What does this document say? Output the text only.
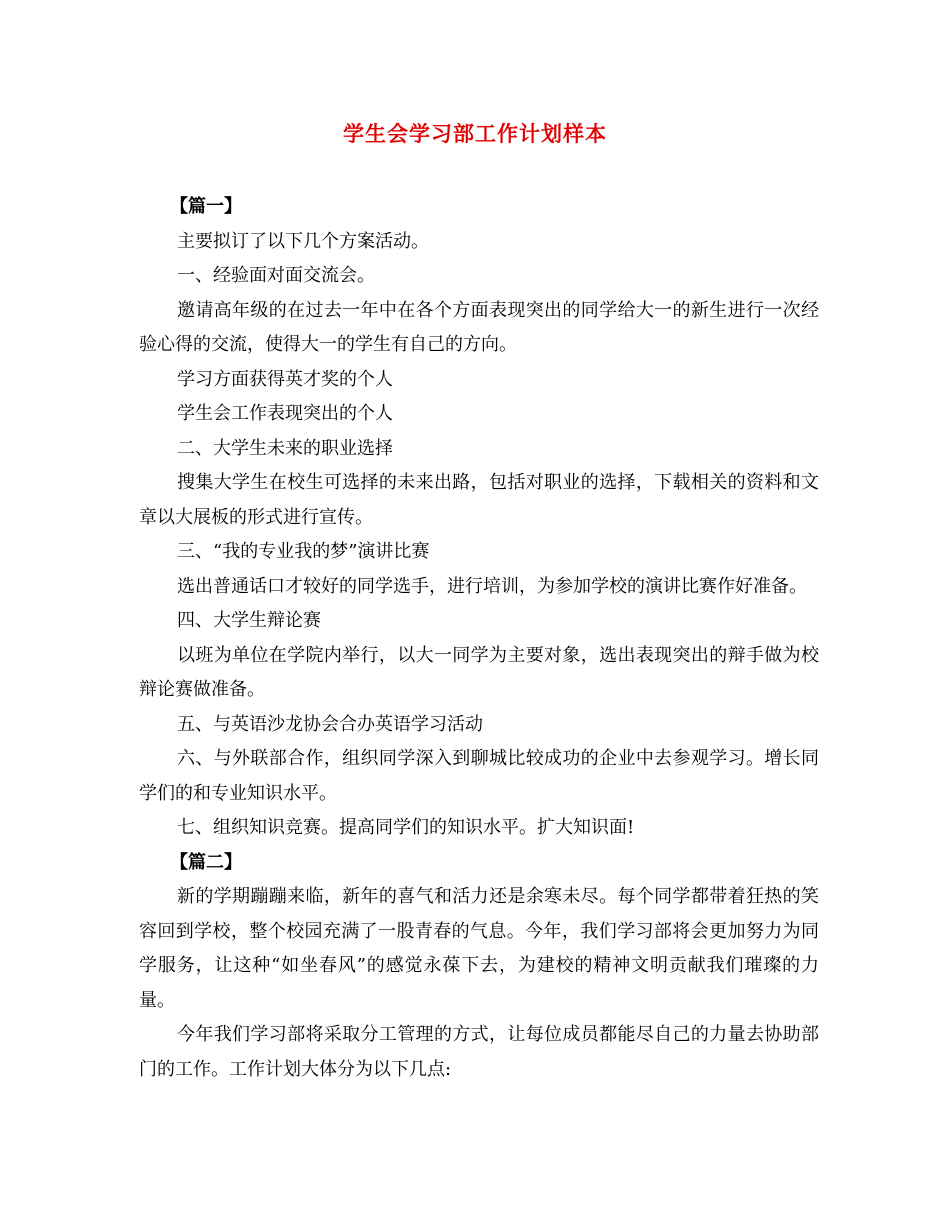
学生会学习部工作计划样本

【篇一】

主要拟订了以下几个方案活动。

一、经验面对面交流会。

邀请高年级的在过去一年中在各个方面表现突出的同学给大一的新生进行一次经验心得的交流，使得大一的学生有自己的方向。

学习方面获得英才奖的个人

学生会工作表现突出的个人

二、大学生未来的职业选择

搜集大学生在校生可选择的未来出路，包括对职业的选择，下载相关的资料和文章以大展板的形式进行宣传。

三、“我的专业我的梦”演讲比赛

选出普通话口才较好的同学选手，进行培训，为参加学校的演讲比赛作好准备。

四、大学生辩论赛

以班为单位在学院内举行，以大一同学为主要对象，选出表现突出的辩手做为校辩论赛做准备。

五、与英语沙龙协会合办英语学习活动

六、与外联部合作，组织同学深入到聊城比较成功的企业中去参观学习。增长同学们的和专业知识水平。

七、组织知识竞赛。提高同学们的知识水平。扩大知识面!

【篇二】

新的学期蹦蹦来临，新年的喜气和活力还是余寒未尽。每个同学都带着狂热的笑容回到学校，整个校园充满了一股青春的气息。今年，我们学习部将会更加努力为同学服务，让这种“如坐春风”的感觉永葆下去，为建校的精神文明贡献我们璀璨的力量。

今年我们学习部将采取分工管理的方式，让每位成员都能尽自己的力量去协助部门的工作。工作计划大体分为以下几点:
